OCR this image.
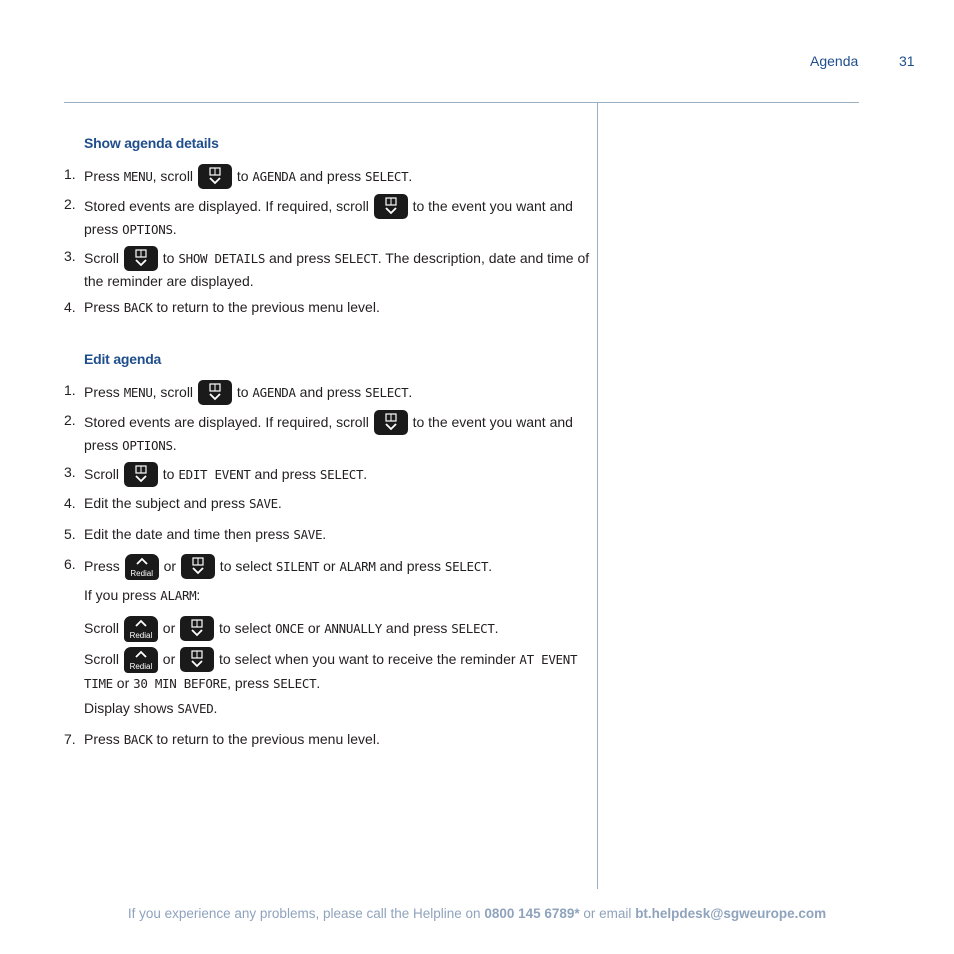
Agenda	31
Show agenda details
1. Press MENU, scroll	to AGENDA and press SELECT.
2. Stored events are displayed. If required, scroll	to the event you want and press OPTIONS.
3. Scroll	to SHOW DETAILS and press SELECT. The description, date and time of the reminder are displayed.
4. Press BACK to return to the previous menu level.
Edit agenda
1. Press MENU, scroll	to AGENDA and press SELECT.
2. Stored events are displayed. If required, scroll	to the event you want and press OPTIONS.
3. Scroll	to EDIT EVENT and press SELECT.
4. Edit the subject and press SAVE.
5. Edit the date and time then press SAVE.
6. Press Redial or	to select SILENT or ALARM and press SELECT.
If you press ALARM:
Scroll Redial or	to select ONCE or ANNUALLY and press SELECT.
Scroll Redial or	to select when you want to receive the reminder AT EVENT TIME or 30 MIN BEFORE, press SELECT.
Display shows SAVED.
7. Press BACK to return to the previous menu level.
If you experience any problems, please call the Helpline on 0800 145 6789* or email bt.helpdesk@sgweurope.com
